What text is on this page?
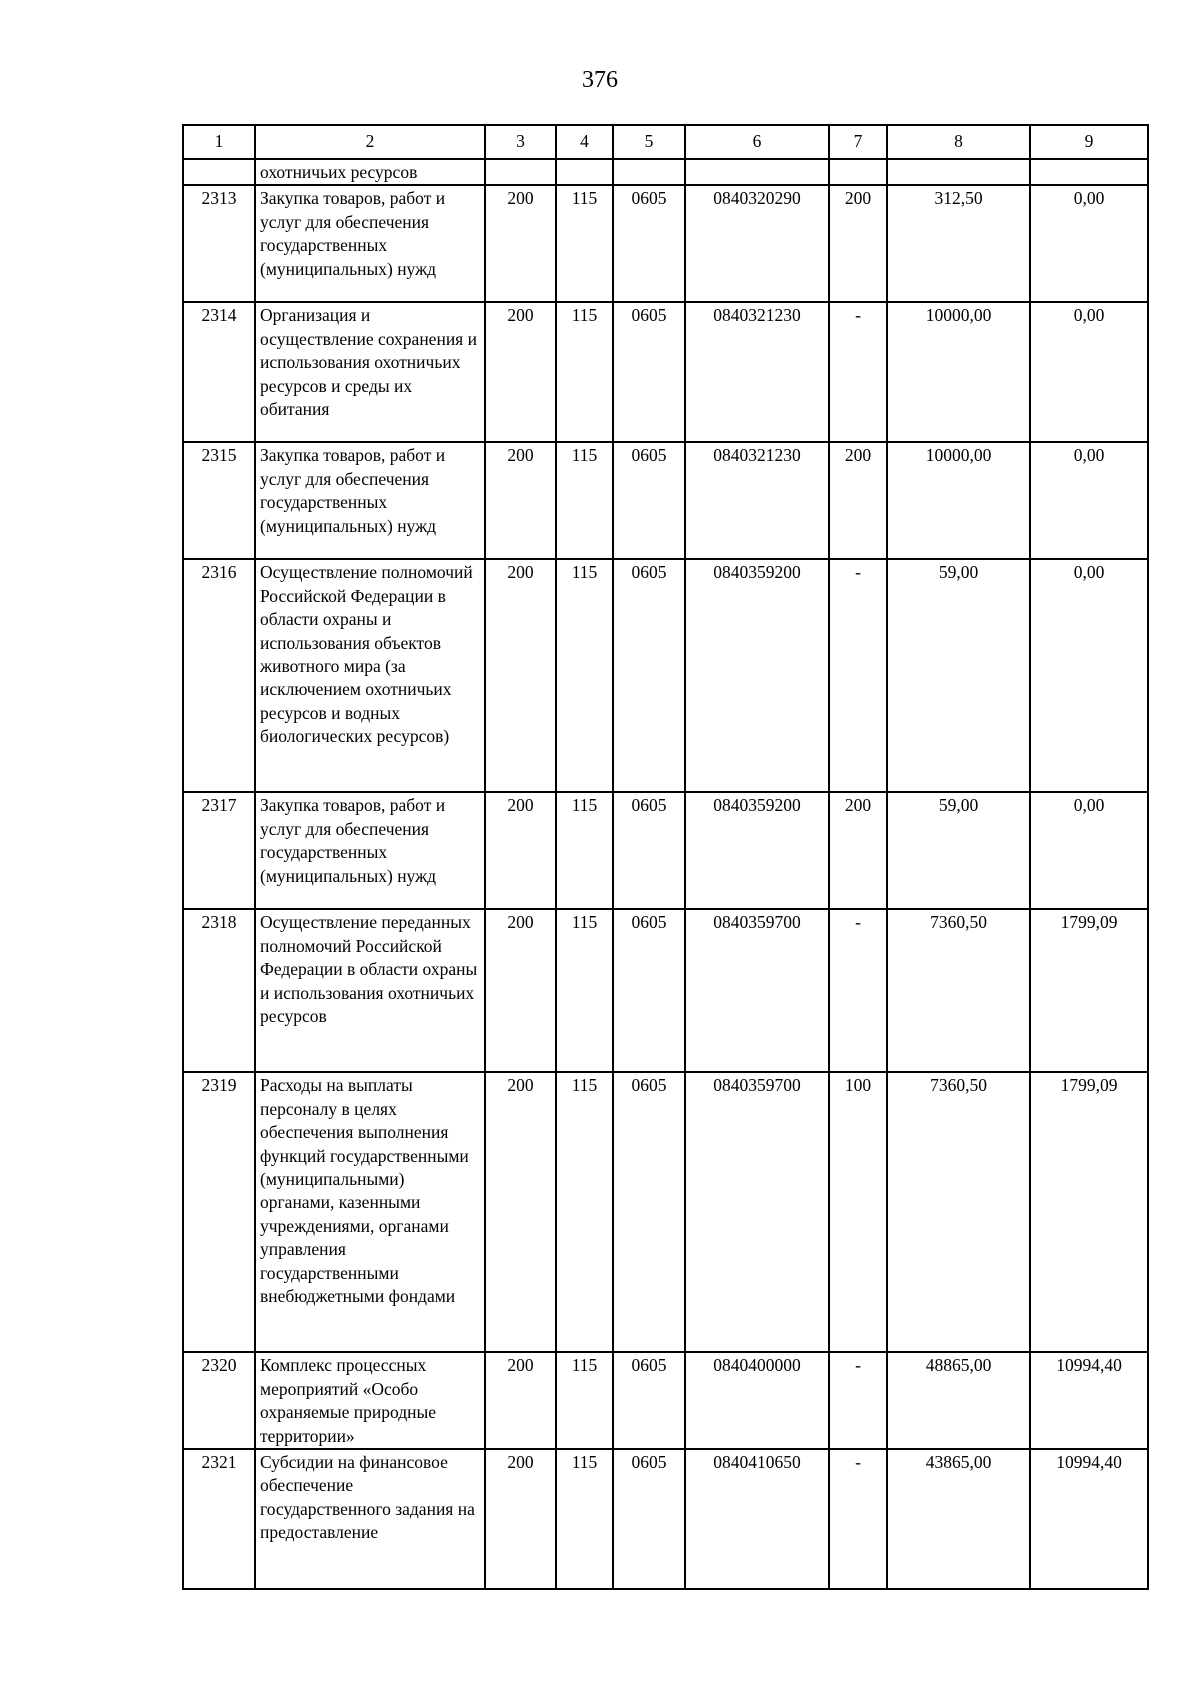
376
1	2	3	4	5	6	7	8	9
	охотничьих ресурсов							
2313	Закупка товаров, работ и услуг для обеспечения государственных (муниципальных) нужд	200	115	0605	0840320290	200	312,50	0,00
2314	Организация и осуществление сохранения и использования охотничьих ресурсов и среды их обитания	200	115	0605	0840321230	-	10000,00	0,00
2315	Закупка товаров, работ и услуг для обеспечения государственных (муниципальных) нужд	200	115	0605	0840321230	200	10000,00	0,00
2316	Осуществление полномочий Российской Федерации в области охраны и использования объектов животного мира (за исключением охотничьих ресурсов и водных биологических ресурсов)	200	115	0605	0840359200	-	59,00	0,00
2317	Закупка товаров, работ и услуг для обеспечения государственных (муниципальных) нужд	200	115	0605	0840359200	200	59,00	0,00
2318	Осуществление переданных полномочий Российской Федерации в области охраны и использования охотничьих ресурсов	200	115	0605	0840359700	-	7360,50	1799,09
2319	Расходы на выплаты персоналу в целях обеспечения выполнения функций государственными (муниципальными) органами, казенными учреждениями, органами управления государственными внебюджетными фондами	200	115	0605	0840359700	100	7360,50	1799,09
2320	Комплекс процессных мероприятий «Особо охраняемые природные территории»	200	115	0605	0840400000	-	48865,00	10994,40
2321	Субсидии на финансовое обеспечение государственного задания на предоставление	200	115	0605	0840410650	-	43865,00	10994,40
